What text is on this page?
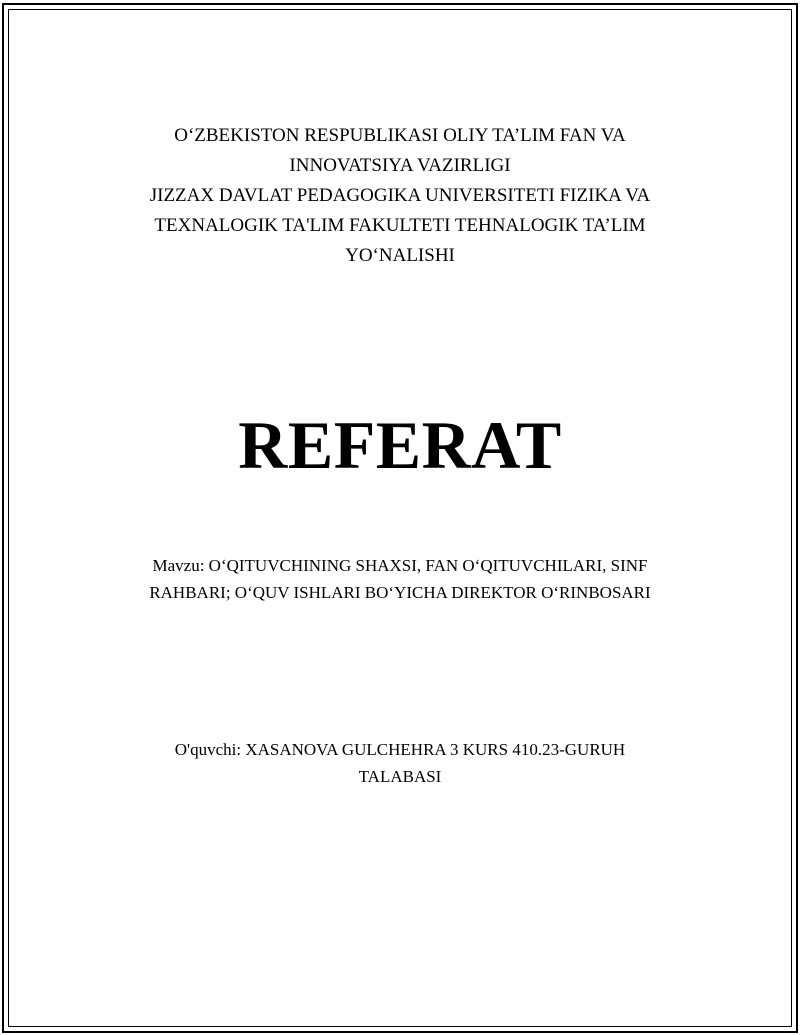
O‘ZBEKISTON RESPUBLIKASI OLIY TA’LIM FAN VA
INNOVATSIYA VAZIRLIGI
JIZZAX DAVLAT PEDAGOGIKA UNIVERSITETI FIZIKA VA
TEXNALOGIK TA'LIM FAKULTETI TEHNALOGIK TA’LIM
YO‘NALISHI
REFERAT
Mavzu: O‘QITUVCHINING SHAXSI, FAN O‘QITUVCHILARI, SINF
RAHBARI; O‘QUV ISHLARI BO‘YICHA DIREKTOR O‘RINBOSARI
O'quvchi: XASANOVA GULCHEHRA 3 KURS 410.23-GURUH
TALABASI
